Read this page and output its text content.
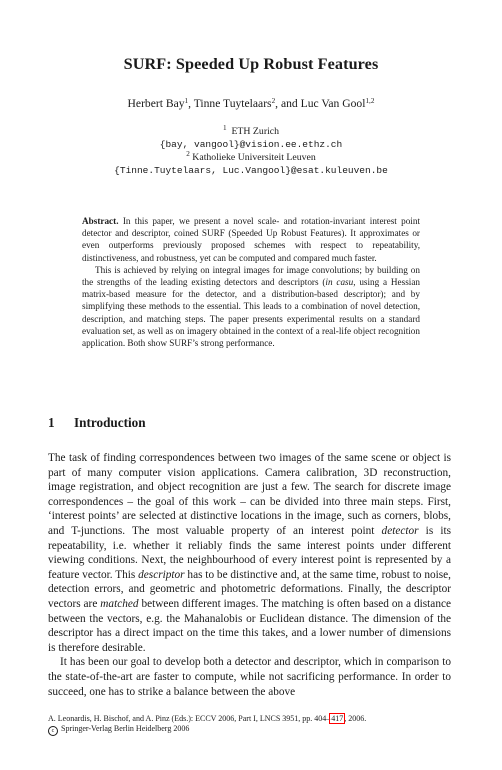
SURF: Speeded Up Robust Features
Herbert Bay$^1$, Tinne Tuytelaars$^2$, and Luc Van Gool$^{1,2}$
$^1$ ETH Zurich
{bay, vangool}@vision.ee.ethz.ch
$^2$ Katholieke Universiteit Leuven
{Tinne.Tuytelaars, Luc.Vangool}@esat.kuleuven.be

Abstract. In this paper, we present a novel scale- and rotation-invariant interest point detector and descriptor, coined SURF (Speeded Up Robust Features). It approximates or even outperforms previously proposed schemes with respect to repeatability, distinctiveness, and robustness, yet can be computed and compared much faster.

This is achieved by relying on integral images for image convolutions; by building on the strengths of the leading existing detectors and descriptors (in casu, using a Hessian matrix-based measure for the detector, and a distribution-based descriptor); and by simplifying these methods to the essential. This leads to a combination of novel detection, description, and matching steps. The paper presents experimental results on a standard evaluation set, as well as on imagery obtained in the context of a real-life object recognition application. Both show SURF’s strong performance.

1 Introduction

The task of finding correspondences between two images of the same scene or object is part of many computer vision applications. Camera calibration, 3D reconstruction, image registration, and object recognition are just a few. The search for discrete image correspondences – the goal of this work – can be divided into three main steps. First, ‘interest points’ are selected at distinctive locations in the image, such as corners, blobs, and T-junctions. The most valuable property of an interest point detector is its repeatability, i.e. whether it reliably finds the same interest points under different viewing conditions. Next, the neighbourhood of every interest point is represented by a feature vector. This descriptor has to be distinctive and, at the same time, robust to noise, detection errors, and geometric and photometric deformations. Finally, the descriptor vectors are matched between different images. The matching is often based on a distance between the vectors, e.g. the Mahanalobis or Euclidean distance. The dimension of the descriptor has a direct impact on the time this takes, and a lower number of dimensions is therefore desirable.

It has been our goal to develop both a detector and descriptor, which in comparison to the state-of-the-art are faster to compute, while not sacrificing performance. In order to succeed, one has to strike a balance between the above

A. Leonardis, H. Bischof, and A. Pinz (Eds.): ECCV 2006, Part I, LNCS 3951, pp. 404–417, 2006.
c Springer-Verlag Berlin Heidelberg 2006
